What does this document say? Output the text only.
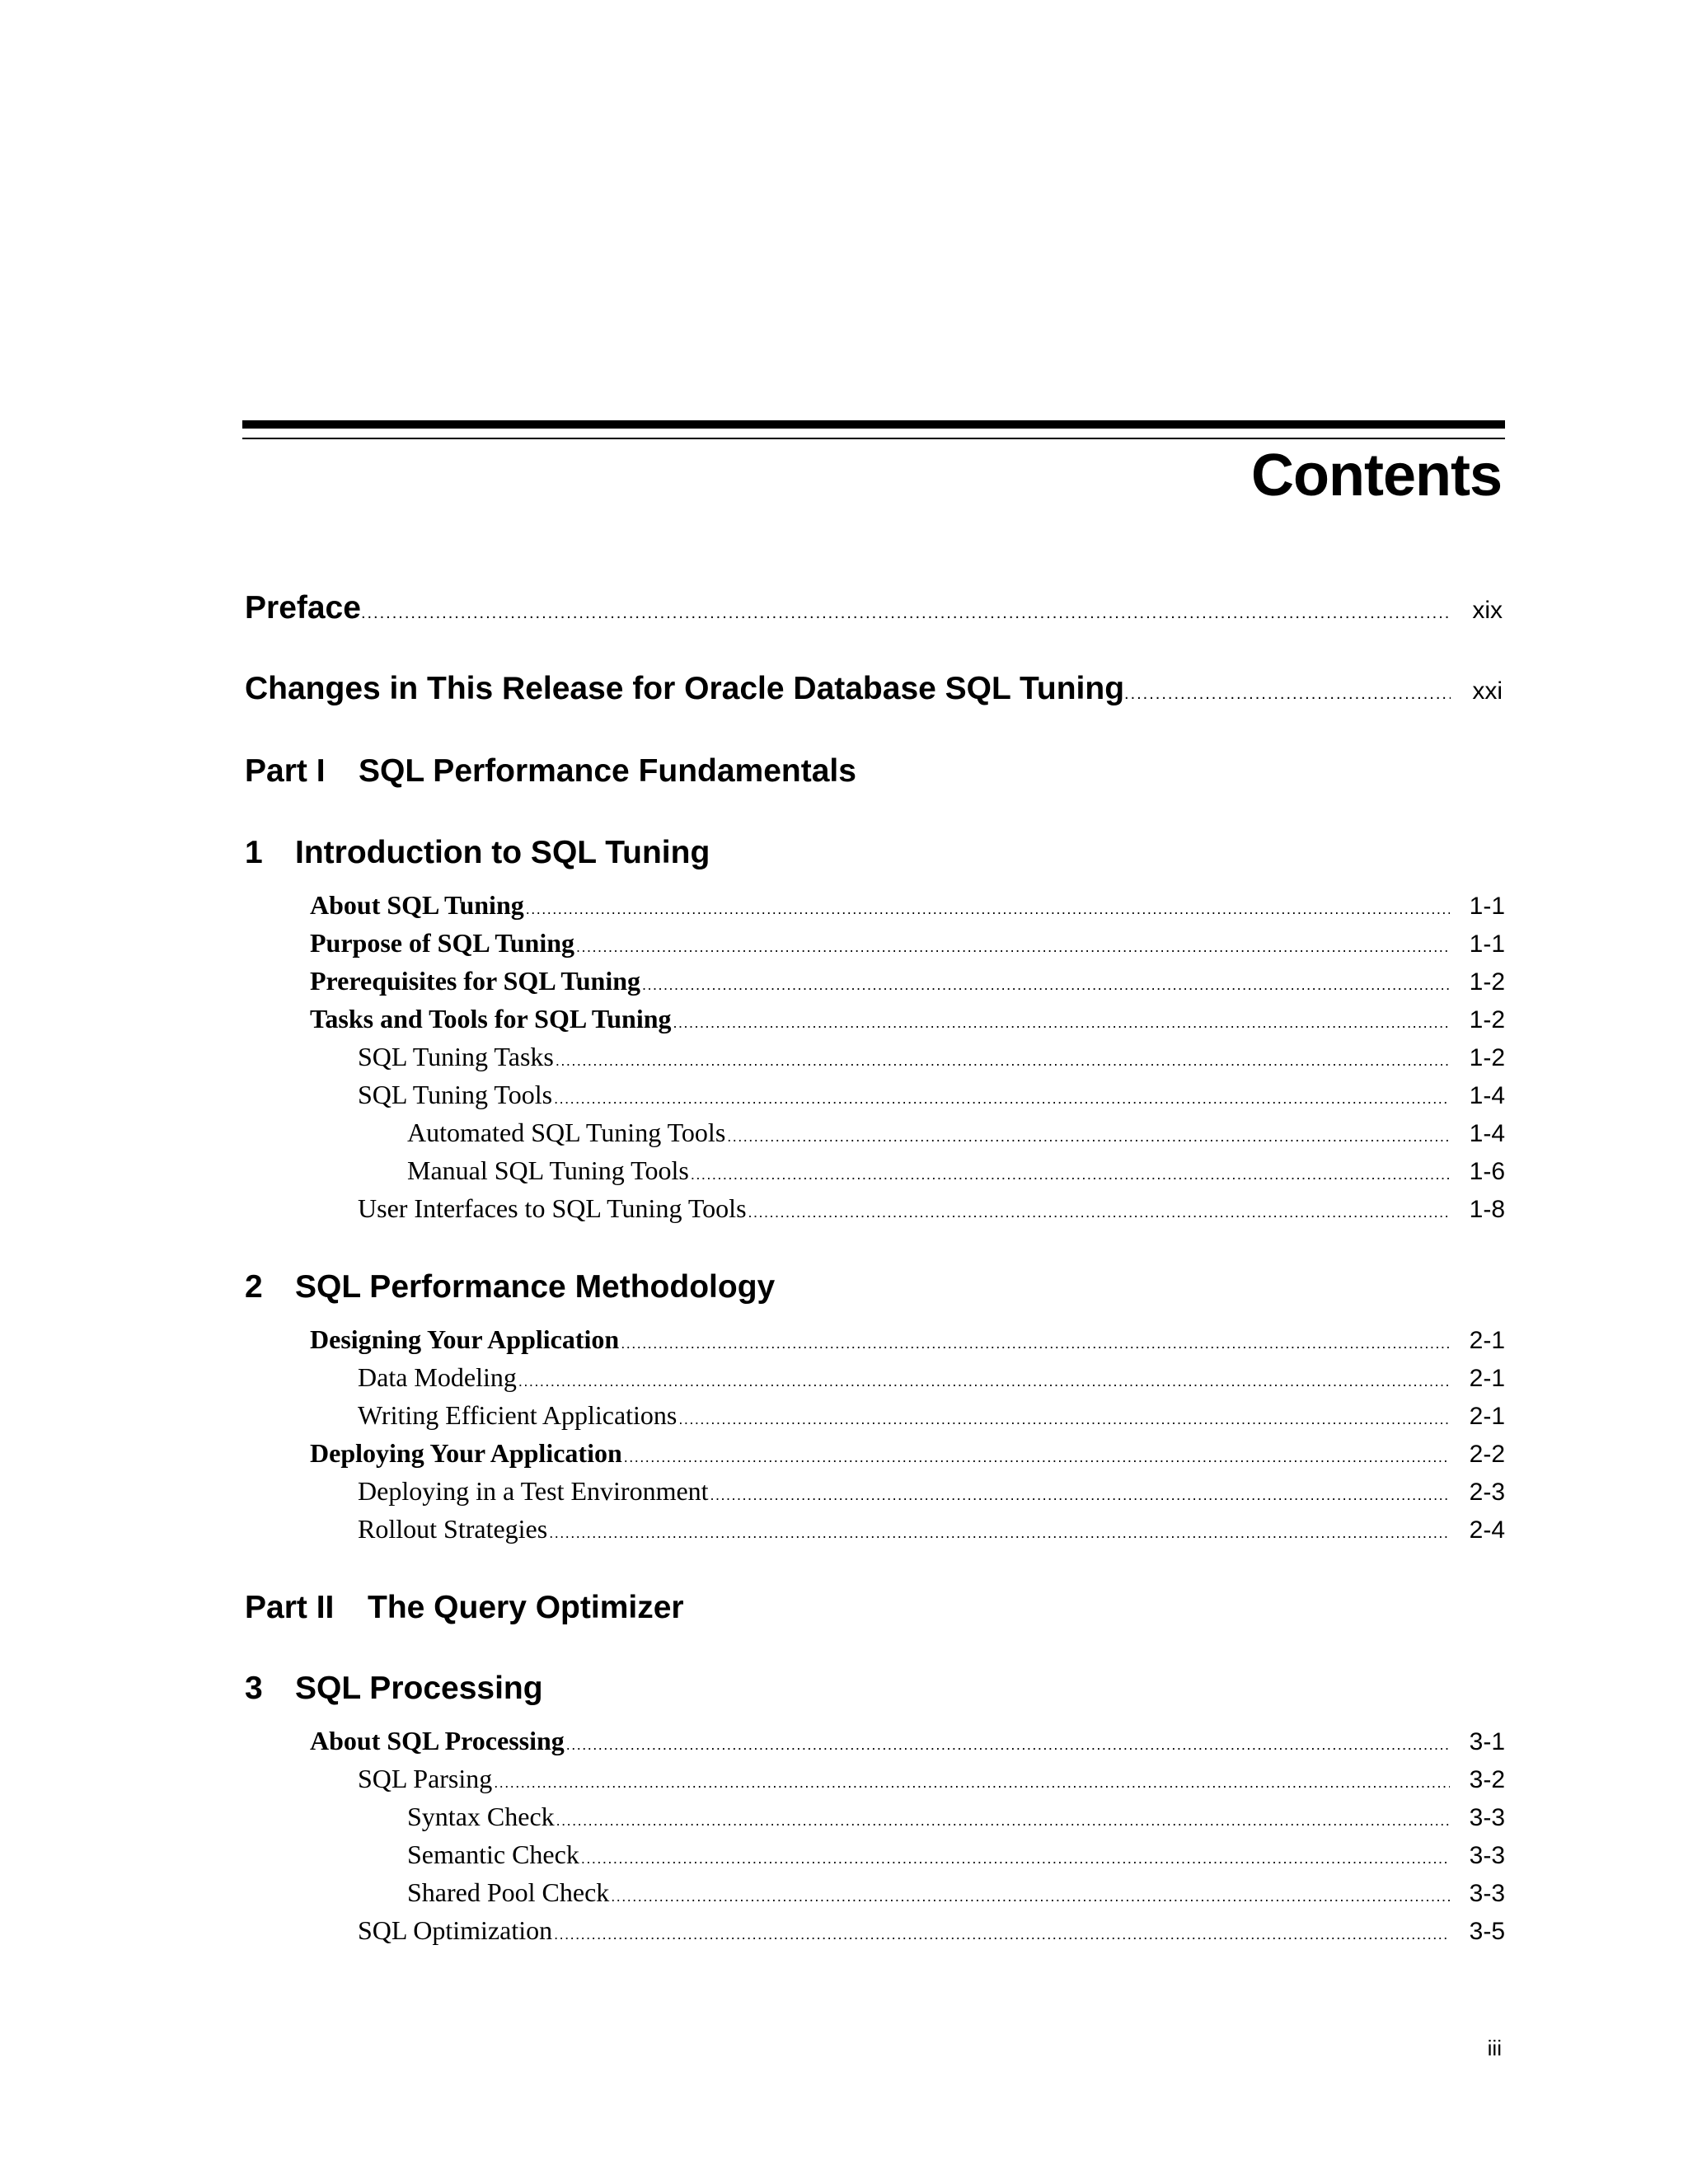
Contents
Preface .....	xix
Changes in This Release for Oracle Database SQL Tuning .....	xxi
Part I	SQL Performance Fundamentals
1	Introduction to SQL Tuning
About SQL Tuning .....	1-1
Purpose of SQL Tuning .....	1-1
Prerequisites for SQL Tuning .....	1-2
Tasks and Tools for SQL Tuning .....	1-2
SQL Tuning Tasks .....	1-2
SQL Tuning Tools .....	1-4
Automated SQL Tuning Tools .....	1-4
Manual SQL Tuning Tools .....	1-6
User Interfaces to SQL Tuning Tools .....	1-8
2	SQL Performance Methodology
Designing Your Application .....	2-1
Data Modeling .....	2-1
Writing Efficient Applications .....	2-1
Deploying Your Application .....	2-2
Deploying in a Test Environment .....	2-3
Rollout Strategies .....	2-4
Part II	The Query Optimizer
3	SQL Processing
About SQL Processing .....	3-1
SQL Parsing .....	3-2
Syntax Check .....	3-3
Semantic Check .....	3-3
Shared Pool Check .....	3-3
SQL Optimization .....	3-5
iii
